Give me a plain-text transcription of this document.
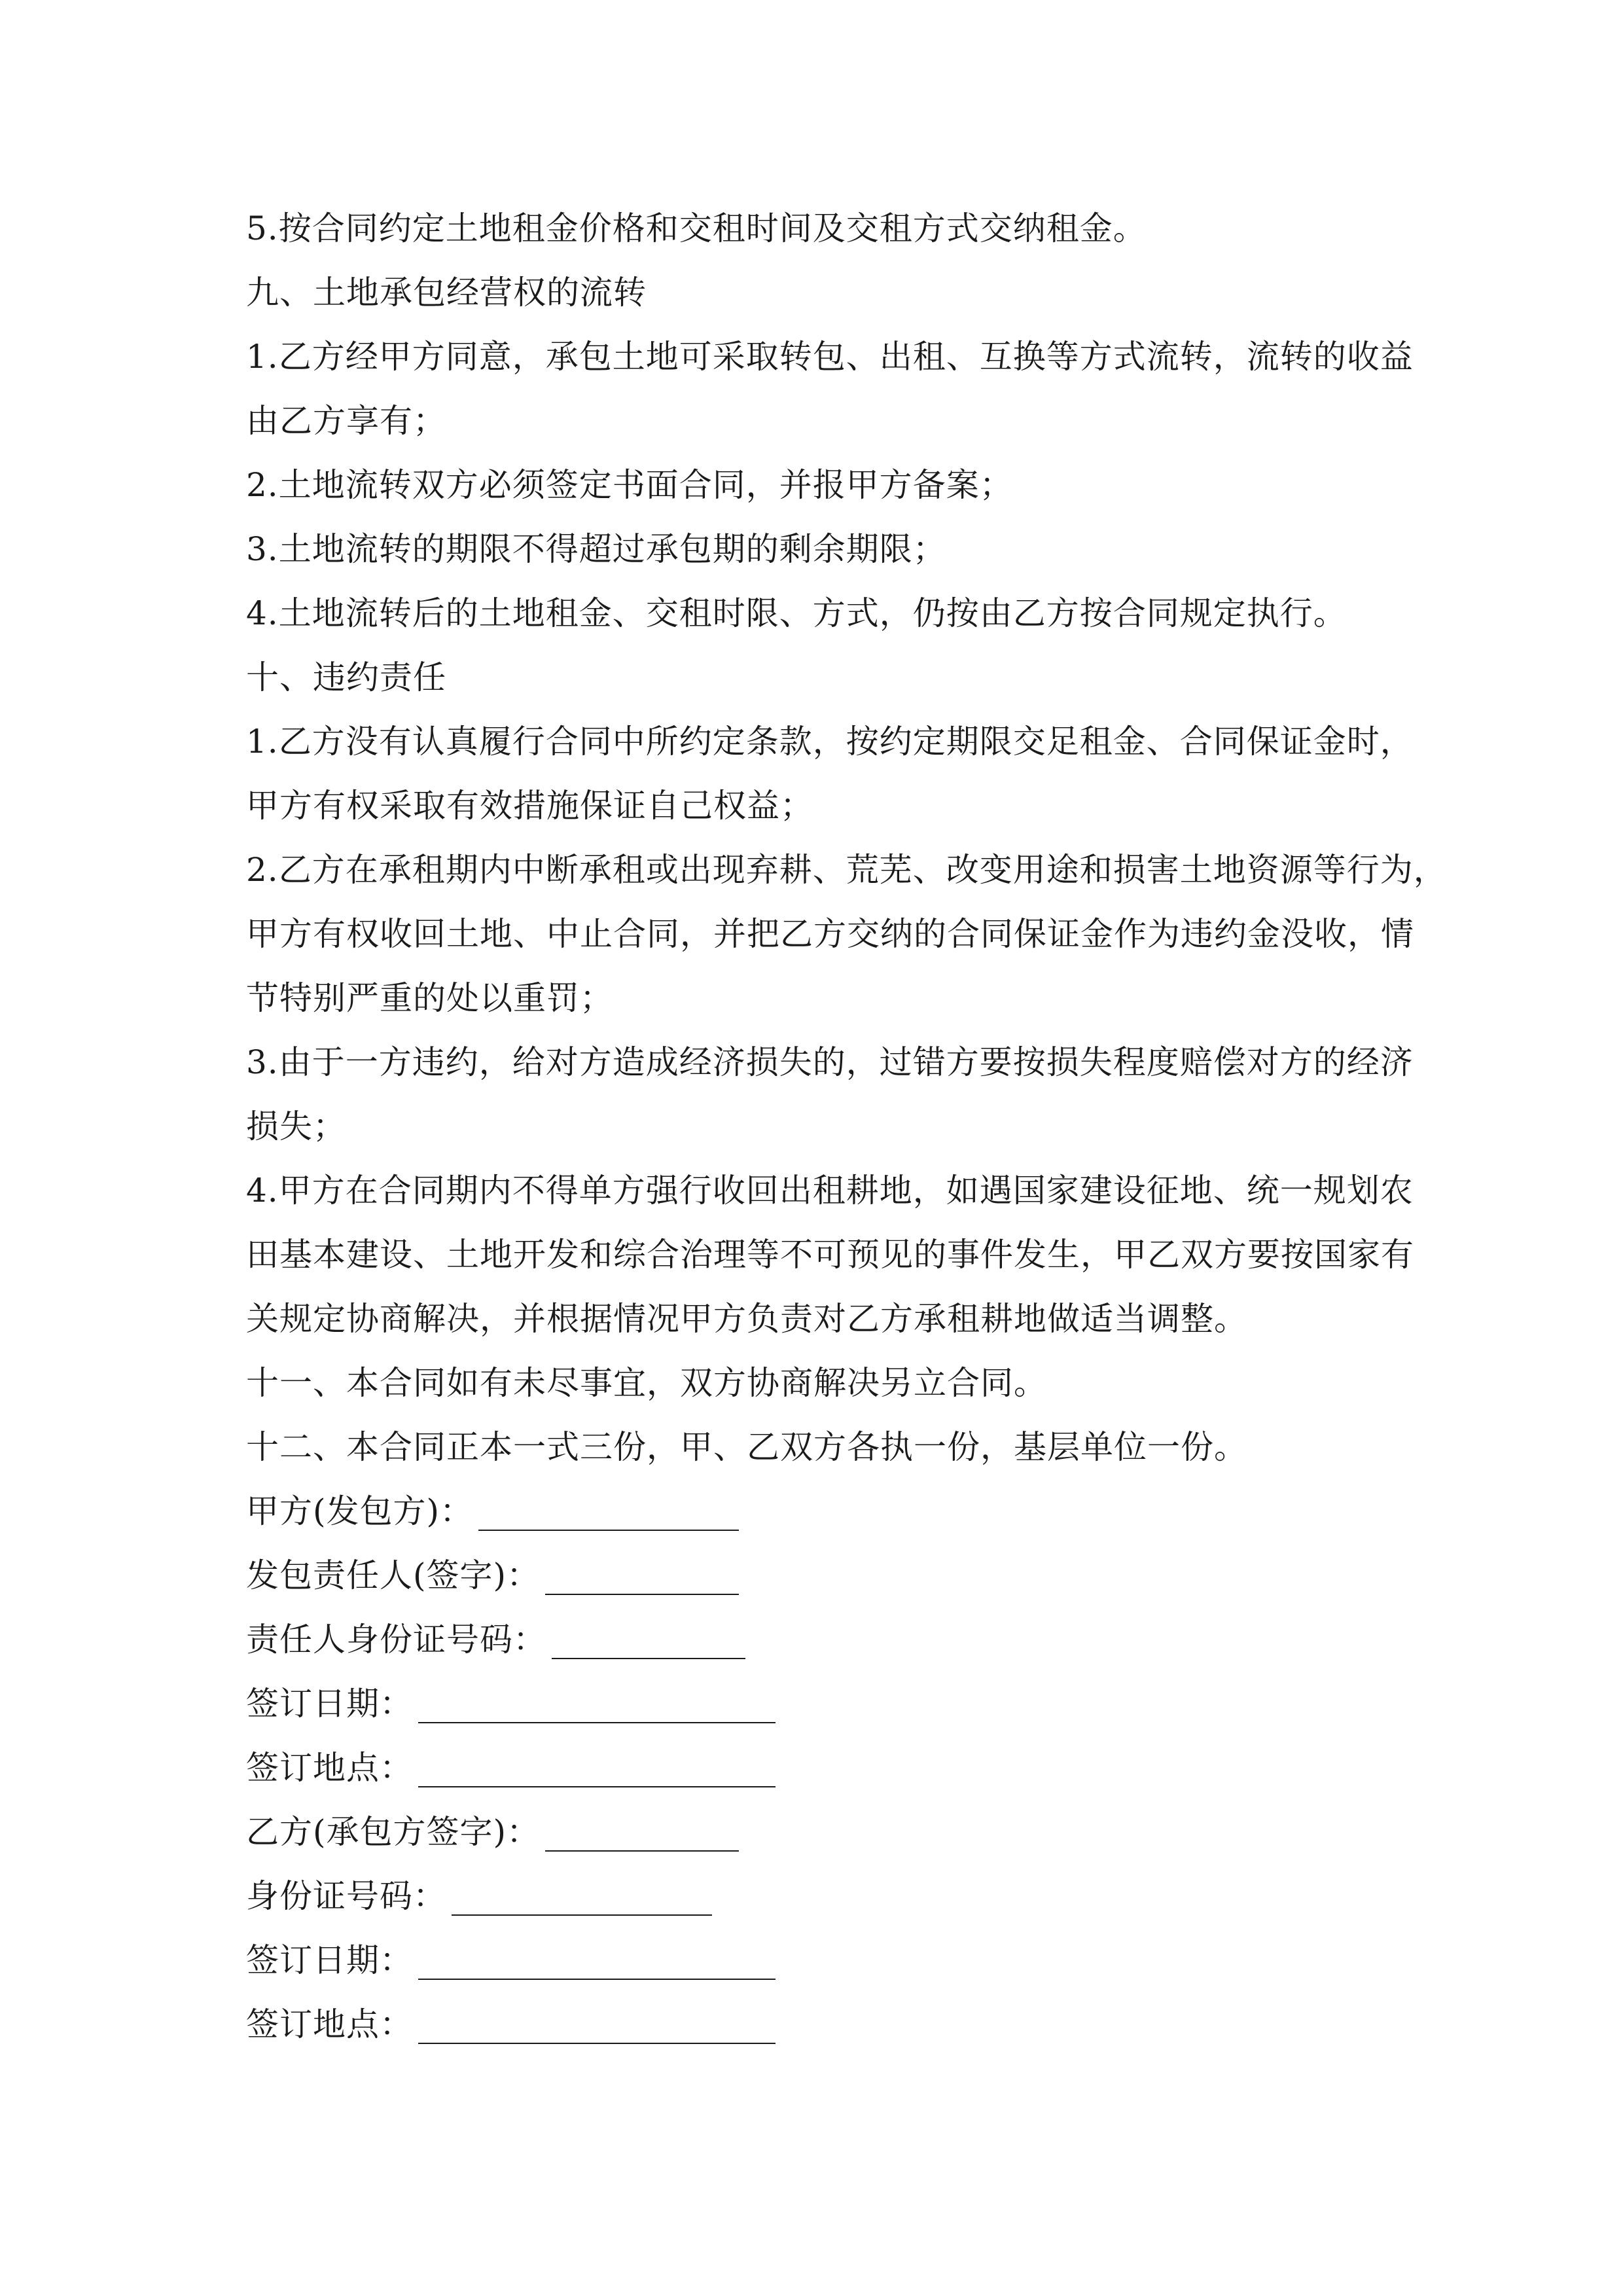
5.按合同约定土地租金价格和交租时间及交租方式交纳租金。
九、土地承包经营权的流转
1.乙方经甲方同意，承包土地可采取转包、出租、互换等方式流转，流转的收益
由乙方享有；
2.土地流转双方必须签定书面合同，并报甲方备案；
3.土地流转的期限不得超过承包期的剩余期限；
4.土地流转后的土地租金、交租时限、方式，仍按由乙方按合同规定执行。
十、违约责任
1.乙方没有认真履行合同中所约定条款，按约定期限交足租金、合同保证金时，
甲方有权采取有效措施保证自己权益；
2.乙方在承租期内中断承租或出现弃耕、荒芜、改变用途和损害土地资源等行为，
甲方有权收回土地、中止合同，并把乙方交纳的合同保证金作为违约金没收，情
节特别严重的处以重罚；
3.由于一方违约，给对方造成经济损失的，过错方要按损失程度赔偿对方的经济
损失；
4.甲方在合同期内不得单方强行收回出租耕地，如遇国家建设征地、统一规划农
田基本建设、土地开发和综合治理等不可预见的事件发生，甲乙双方要按国家有
关规定协商解决，并根据情况甲方负责对乙方承租耕地做适当调整。
十一、本合同如有未尽事宜，双方协商解决另立合同。
十二、本合同正本一式三份，甲、乙双方各执一份，基层单位一份。
甲方(发包方)：
发包责任人(签字)：
责任人身份证号码：
签订日期：
签订地点：
乙方(承包方签字)：
身份证号码：
签订日期：
签订地点：
